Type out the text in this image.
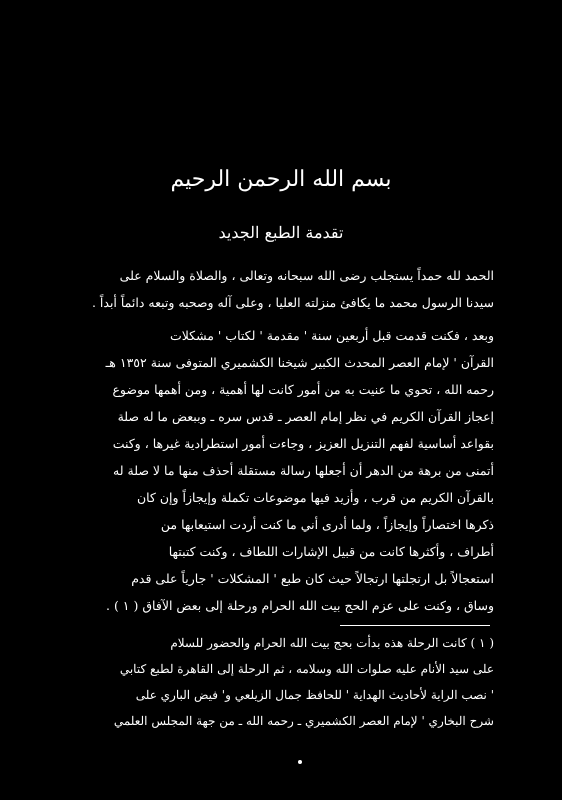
بسم الله الرحمن الرحيم
تقدمة الطبع الجديد
الحمد لله حمداً يستجلب رضى الله سبحانه وتعالى ، والصلاة والسلام على
سيدنا الرسول محمد ما يكافئ منزلته العليا ، وعلى آله وصحبه وتبعه دائماً أبداً .
وبعد ، فكنت قدمت قبل أربعين سنة ' مقدمة ' لكتاب ' مشكلات
القرآن ' لإمام العصر المحدث الكبير شيخنا الكشميري المتوفى سنة ١٣٥٢ هـ
رحمه الله ، تحوي ما عنيت به من أمور كانت لها أهمية ، ومن أهمها موضوع
إعجاز القرآن الكريم في نظر إمام العصر ـ قدس سره ـ وببعض ما له صلة
بقواعد أساسية لفهم التنزيل العزيز ، وجاءت أمور استطرادية غيرها ، وكنت
أتمنى من برهة من الدهر أن أجعلها رسالة مستقلة أحذف منها ما لا صلة له
بالقرآن الكريم من قرب ، وأزيد فيها موضوعات تكملة وإيجازاً وإن كان
ذكرها اختصاراً وإيجازاً ، ولما أدرى أني ما كنت أردت استيعابها من
أطراف ، وأكثرها كانت من قبيل الإشارات اللطاف ، وكنت كتبتها
استعجالاً بل ارتجلتها ارتجالاً حيث كان طبع ' المشكلات ' جارياً على قدم
وساق ، وكنت على عزم الحج بيت الله الحرام ورحلة إلى بعض الآفاق ( ١ ) .
( ١ ) كانت الرحلة هذه بدأت بحج بيت الله الحرام والحضور للسلام
على سيد الأنام عليه صلوات الله وسلامه ، ثم الرحلة إلى القاهرة لطبع كتابي
' نصب الراية لأحاديث الهداية ' للحافظ جمال الزيلعي و' فيض الباري على
شرح البخاري ' لإمام العصر الكشميري ـ رحمه الله ـ من جهة المجلس العلمي
